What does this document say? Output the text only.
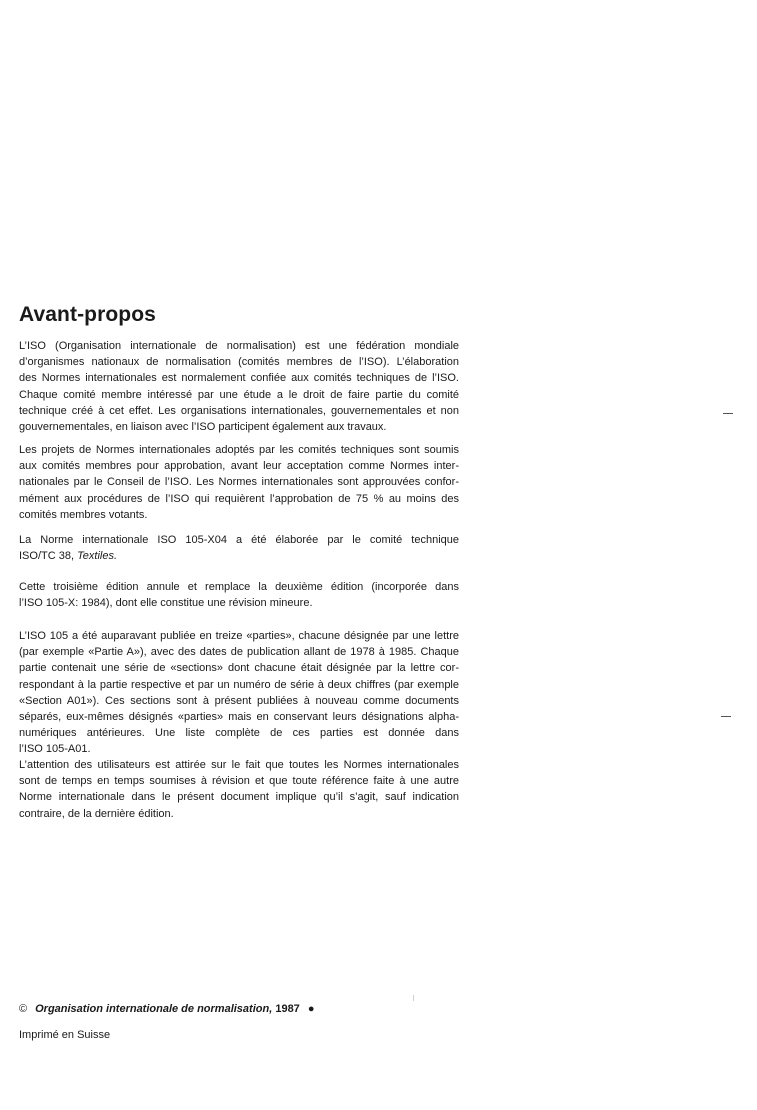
Avant-propos
L’ISO (Organisation internationale de normalisation) est une fédération mondiale
d’organismes nationaux de normalisation (comités membres de l’ISO). L’élaboration
des Normes internationales est normalement confiée aux comités techniques de l’ISO.
Chaque comité membre intéressé par une étude a le droit de faire partie du comité
technique créé à cet effet. Les organisations internationales, gouvernementales et non
gouvernementales, en liaison avec l’ISO participent également aux travaux.
Les projets de Normes internationales adoptés par les comités techniques sont soumis
aux comités membres pour approbation, avant leur acceptation comme Normes inter-
nationales par le Conseil de l’ISO. Les Normes internationales sont approuvées confor-
mément aux procédures de l’ISO qui requièrent l’approbation de 75 % au moins des
comités membres votants.
La Norme internationale ISO 105-X04 a été élaborée par le comité technique
ISO/TC 38, Textiles.
Cette troisième édition annule et remplace la deuxième édition (incorporée dans
l’ISO 105-X: 1984), dont elle constitue une révision mineure.
L’ISO 105 a été auparavant publiée en treize «parties», chacune désignée par une lettre
(par exemple «Partie A»), avec des dates de publication allant de 1978 à 1985. Chaque
partie contenait une série de «sections» dont chacune était désignée par la lettre cor-
respondant à la partie respective et par un numéro de série à deux chiffres (par exemple
«Section A01»). Ces sections sont à présent publiées à nouveau comme documents
séparés, eux-mêmes désignés «parties» mais en conservant leurs désignations alpha-
numériques antérieures. Une liste complète de ces parties est donnée dans
l’ISO 105-A01.
L’attention des utilisateurs est attirée sur le fait que toutes les Normes internationales
sont de temps en temps soumises à révision et que toute référence faite à une autre
Norme internationale dans le présent document implique qu’il s’agit, sauf indication
contraire, de la dernière édition.
© Organisation internationale de normalisation, 1987 ●
Imprimé en Suisse
